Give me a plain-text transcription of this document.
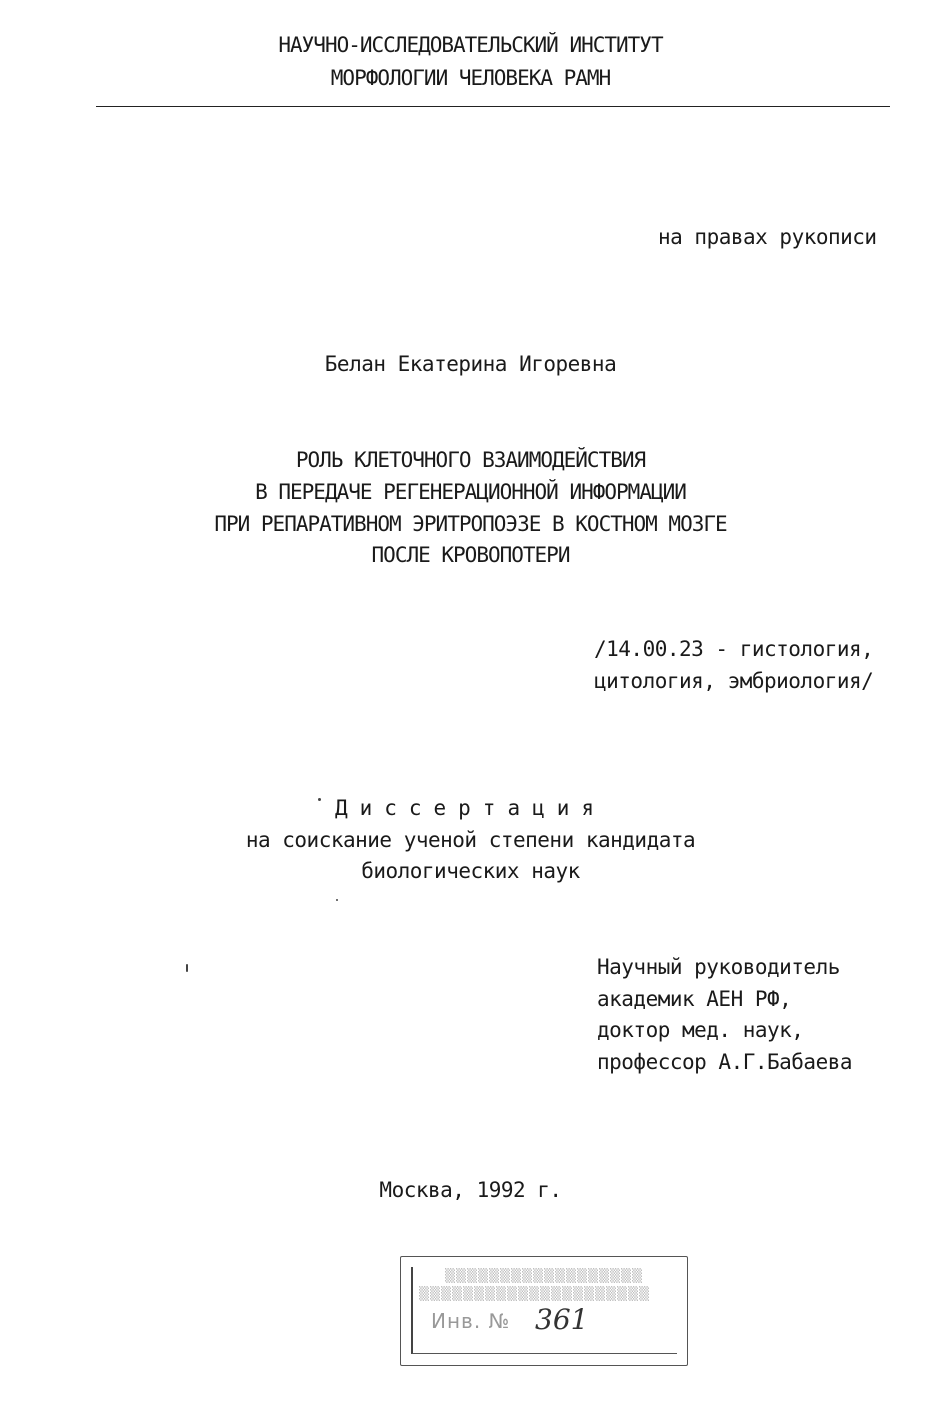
НАУЧНО-ИССЛЕДОВАТЕЛЬСКИЙ ИНСТИТУТ
МОРФОЛОГИИ ЧЕЛОВЕКА РАМН
на правах рукописи
Белан Екатерина Игоревна
РОЛЬ КЛЕТОЧНОГО ВЗАИМОДЕЙСТВИЯ
В ПЕРЕДАЧЕ РЕГЕНЕРАЦИОННОЙ ИНФОРМАЦИИ
ПРИ РЕПАРАТИВНОМ ЭРИТРОПОЭЗЕ В КОСТНОМ МОЗГЕ
ПОСЛЕ КРОВОПОТЕРИ
/14.00.23 - гистология,
цитология, эмбриология/
Диссертация
на соискание ученой степени кандидата
биологических наук
Научный руководитель
академик АЕН РФ,
доктор мед. наук,
профессор А.Г.Бабаева
Москва, 1992 г.
▒▒▒▒▒▒▒▒▒▒▒▒▒▒▒▒▒▒
▒▒▒▒▒▒▒▒▒▒▒▒▒▒▒▒▒▒▒▒▒
Инв. № 361
